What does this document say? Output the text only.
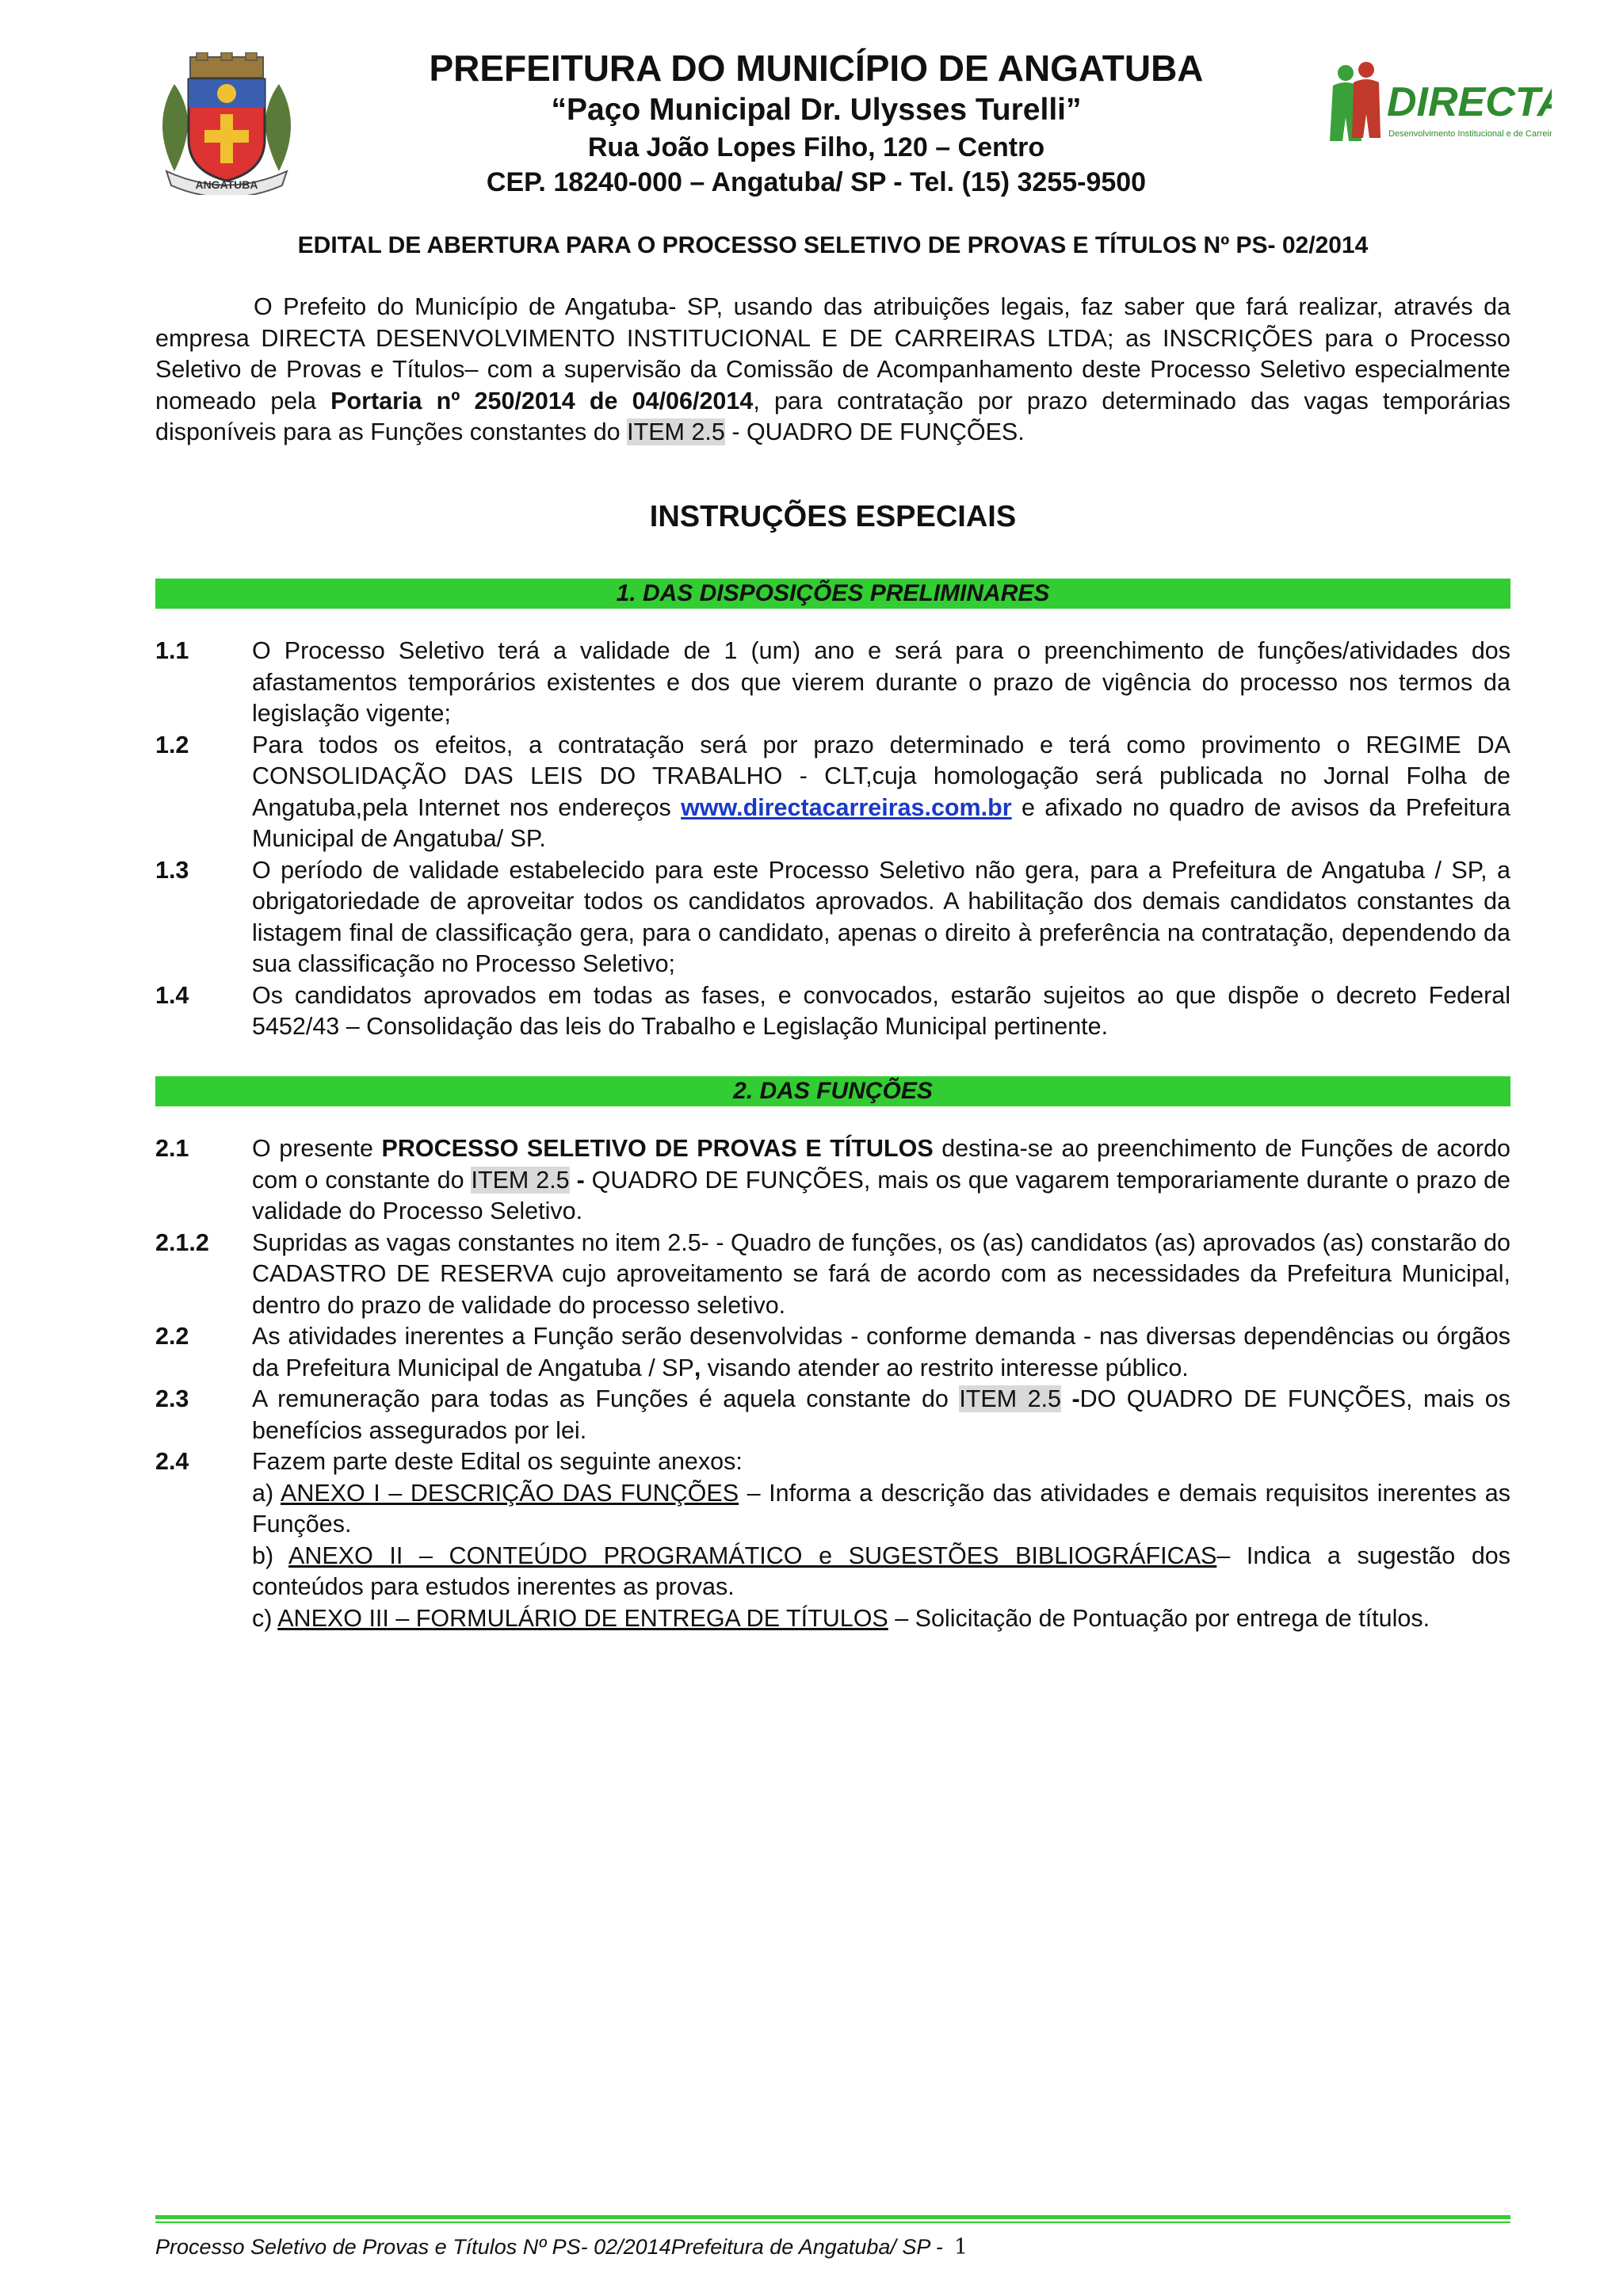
ANGATUBA
PREFEITURA DO MUNICÍPIO DE ANGATUBA
“Paço Municipal Dr. Ulysses Turelli”
Rua João Lopes Filho, 120 – Centro
CEP. 18240-000 – Angatuba/ SP - Tel. (15) 3255-9500
DIRECTA
Desenvolvimento Institucional e de Carreiras
EDITAL DE ABERTURA PARA O PROCESSO SELETIVO DE PROVAS E TÍTULOS Nº PS- 02/2014

O Prefeito do Município de Angatuba- SP, usando das atribuições legais, faz saber que fará realizar, através da empresa DIRECTA DESENVOLVIMENTO INSTITUCIONAL E DE CARREIRAS LTDA; as INSCRIÇÕES para o Processo Seletivo de Provas e Títulos– com a supervisão da Comissão de Acompanhamento deste Processo Seletivo especialmente nomeado pela Portaria nº 250/2014 de 04/06/2014, para contratação por prazo determinado das vagas temporárias disponíveis para as Funções constantes do ITEM 2.5 - QUADRO DE FUNÇÕES.

INSTRUÇÕES ESPECIAIS
1. DAS DISPOSIÇÕES PRELIMINARES
1.1	O Processo Seletivo terá a validade de 1 (um) ano e será para o preenchimento de funções/atividades dos afastamentos temporários existentes e dos que vierem durante o prazo de vigência do processo nos termos da legislação vigente;

1.2	Para todos os efeitos, a contratação será por prazo determinado e terá como provimento o REGIME DA CONSOLIDAÇÃO DAS LEIS DO TRABALHO - CLT,cuja homologação será publicada no Jornal Folha de Angatuba,pela Internet nos endereços www.directacarreiras.com.br e afixado no quadro de avisos da Prefeitura Municipal de Angatuba/ SP.

1.3	O período de validade estabelecido para este Processo Seletivo não gera, para a Prefeitura de Angatuba / SP, a obrigatoriedade de aproveitar todos os candidatos aprovados. A habilitação dos demais candidatos constantes da listagem final de classificação gera, para o candidato, apenas o direito à preferência na contratação, dependendo da sua classificação no Processo Seletivo;

1.4	Os candidatos aprovados em todas as fases, e convocados, estarão sujeitos ao que dispõe o decreto Federal 5452/43 – Consolidação das leis do Trabalho e Legislação Municipal pertinente.

2. DAS FUNÇÕES
2.1	O presente PROCESSO SELETIVO DE PROVAS E TÍTULOS destina-se ao preenchimento de Funções de acordo com o constante do ITEM 2.5 - QUADRO DE FUNÇÕES, mais os que vagarem temporariamente durante o prazo de validade do Processo Seletivo.

2.1.2	Supridas as vagas constantes no item 2.5- - Quadro de funções, os (as) candidatos (as) aprovados (as) constarão do CADASTRO DE RESERVA cujo aproveitamento se fará de acordo com as necessidades da Prefeitura Municipal, dentro do prazo de validade do processo seletivo.

2.2	As atividades inerentes a Função serão desenvolvidas - conforme demanda - nas diversas dependências ou órgãos da Prefeitura Municipal de Angatuba / SP, visando atender ao restrito interesse público.

2.3	A remuneração para todas as Funções é aquela constante do ITEM 2.5 -DO QUADRO DE FUNÇÕES, mais os benefícios assegurados por lei.

2.4	Fazem parte deste Edital os seguinte anexos:

a) ANEXO I – DESCRIÇÃO DAS FUNÇÕES – Informa a descrição das atividades e demais requisitos inerentes as Funções.

b) ANEXO II – CONTEÚDO PROGRAMÁTICO e SUGESTÕES BIBLIOGRÁFICAS– Indica a sugestão dos conteúdos para estudos inerentes as provas.

c) ANEXO III – FORMULÁRIO DE ENTREGA DE TÍTULOS – Solicitação de Pontuação por entrega de títulos.

Processo Seletivo de Provas e Títulos Nº PS- 02/2014Prefeitura de Angatuba/ SP - 1
